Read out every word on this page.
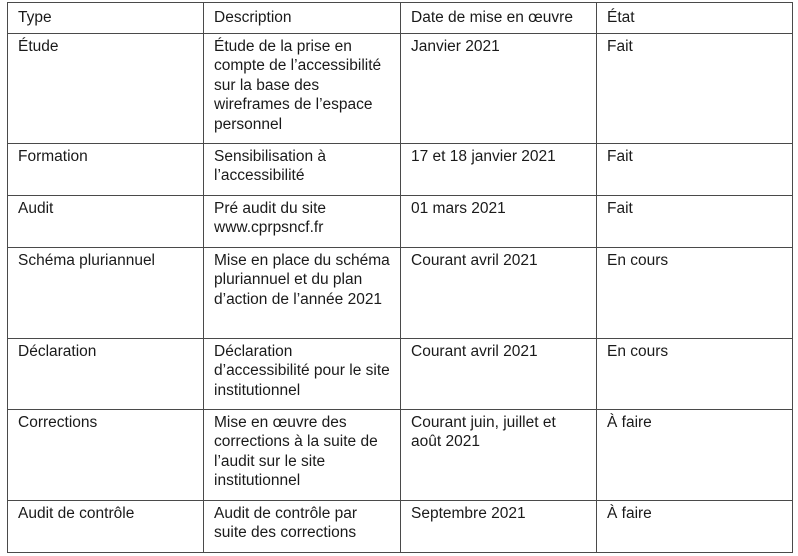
Type	Description	Date de mise en œuvre	État
Étude	Étude de la prise en compte de l’accessibilité sur la base des wireframes de l’espace personnel	Janvier 2021	Fait
Formation	Sensibilisation à l’accessibilité	17 et 18 janvier 2021	Fait
Audit	Pré audit du site www.cprpsncf.fr	01 mars 2021	Fait
Schéma pluriannuel	Mise en place du schéma pluriannuel et du plan d’action de l’année 2021	Courant avril 2021	En cours
Déclaration	Déclaration d’accessibilité pour le site institutionnel	Courant avril 2021	En cours
Corrections	Mise en œuvre des corrections à la suite de l’audit sur le site institutionnel	Courant juin, juillet et août 2021	À faire
Audit de contrôle	Audit de contrôle par suite des corrections	Septembre 2021	À faire
